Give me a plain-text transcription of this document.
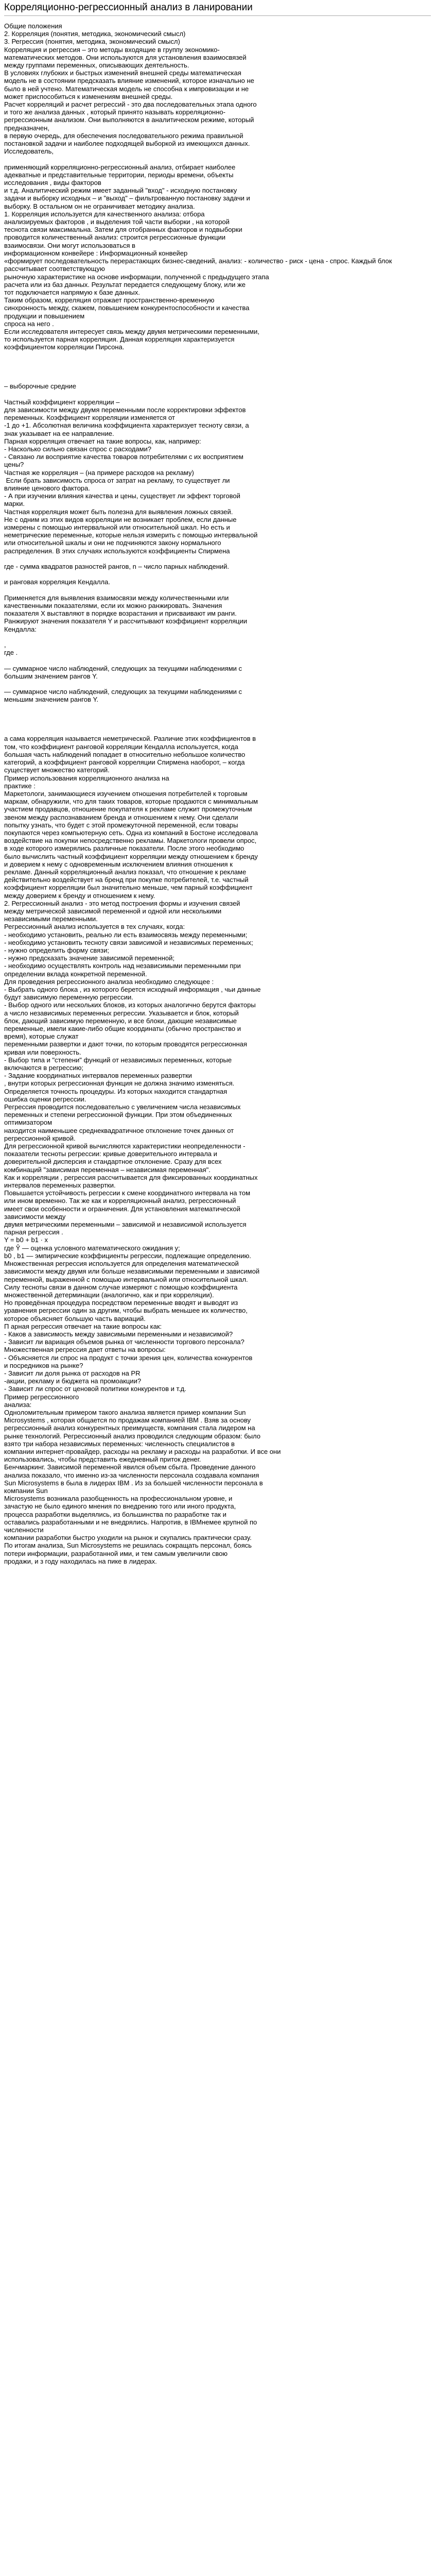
Корреляционно-регрессионный анализ в ланировании

Общие положения

2. Корреляция (понятия, методика, экономический смысл)

3. Регрессия (понятия, методика, экономический смысл)

Корреляция и регрессия – это методы входящие в группу экономико-

математических методов. Они используются для установления взаимосвязей

между группами переменных, описывающих деятельность.

В условиях глубоких и быстрых изменений внешней среды математическая

модель не в состоянии предсказать влияние изменений, которое изначально не

было в ней учтено. Математическая модель не способна к импровизации и не

может приспособиться к изменениям внешней среды.

Расчет корреляций и расчет регрессий - это два последовательных этапа одного

и того же анализа данных , который принято называть корреляционно-

регрессионным анализом. Они выполняются в аналитическом режиме, который

предназначен,

в первую очередь, для обеспечения последовательного режима правильной

постановкой задачи и наиболее подходящей выборкой из имеющихся данных.

Исследователь,

применяющий корреляционно-регрессионный анализ, отбирает наиболее

адекватные и представительные территории, периоды времени, объекты

исследования , виды факторов

и т.д. Аналитический режим имеет заданный "вход" - исходную постановку

задачи и выборку исходных – и "выход" – фильтрованную постановку задачи и

выборку. В остальном он не ограничивает методику анализа.

1. Корреляция используется для качественного анализа: отбора

анализируемых факторов , и выделения той части выборки , на которой

теснота связи максимальна. Затем для отобранных факторов и подвыборки

проводится количественный анализ: строится регрессионные функции

взаимосвязи. Они могут использоваться в

информационном конвейере : Информационный конвейер

«формирует последовательность перерастающих бизнес-сведений, анализ: - количество - риск - цена - спрос. Каждый блок расcчитывает соответствующую

рыночную характеристике на основе информации, полученной с предыдущего этапа

расчета или из баз данных. Результат передается следующему блоку, или же

тот подключается напрямую к базе данных.

Таким образом, корреляция отражает пространственно-временную

синхронность между, скажем, повышением конкурентоспособности и качества

продукции и повышением

спроса на него .

Если исследователя интересует связь между двумя метрическими переменными,

то используется парная корреляция. Данная корреляция характеризуется

коэффициентом корреляции Пирсона.

– выборочные средние

Частный коэффициент корреляции –

для зависимости между двумя переменными после корректировки эффектов

переменных. Коэффициент корреляции изменяется от

-1 до +1. Абсолютная величина коэффициента характеризует тесноту связи, а

знак указывает на ее направление.

Парная корреляция отвечает на такие вопросы, как, например:

- Насколько сильно связан спрос с расходами?

- Связано ли восприятие качества товаров потребителями с их восприятием

цены?

Частная же корреляция – (на примере расходов на рекламу)

Если брать зависимость спроса от затрат на рекламу, то существует ли

влияние ценового фактора.

- А при изучении влияния качества и цены, существует ли эффект торговой

марки.

Частная корреляция может быть полезна для выявления ложных связей.

Не с одним из этих видов корреляции не возникает проблем, если данные

измерены с помощью интервальной или относительной шкал. Но есть и

неметрические переменные, которые нельзя измерить с помощью интервальной

или относительной шкалы и они не подчиняются закону нормального

распределения. В этих случаях используются коэффициенты Спирмена

где - сумма квадратов разностей рангов, n – число парных наблюдений.

и ранговая корреляция Кендалла.

Применяется для выявления взаимосвязи между количественными или

качественными показателями, если их можно ранжировать. Значения

показателя X выставляют в порядке возрастания и присваивают им ранги.

Ранжируют значения показателя Y и рассчитывают коэффициент корреляции

Кендалла:

,

где .

— суммарное число наблюдений, следующих за текущими наблюдениями с

большим значением рангов Y.

— суммарное число наблюдений, следующих за текущими наблюдениями с

меньшим значением рангов Y.

а сама корреляция называется неметрической. Различие этих коэффициентов в

том, что коэффициент ранговой корреляции Кендалла используется, когда

большая часть наблюдений попадает в относительно небольшое количество

категорий, а коэффициент ранговой корреляции Спирмена наоборот, – когда

существует множество категорий.

Пример использования корреляционного анализа на

практике :

Маркетологи, занимающиеся изучением отношения потребителей к торговым

маркам, обнаружили, что для таких товаров, которые продаются с минимальным

участием продавцов, отношение покупателя к рекламе служит промежуточным

звеном между распознаванием бренда и отношением к нему. Они сделали

попытку узнать, что будет с этой промежуточной переменной, если товары

покупаются через компьютерную сеть. Одна из компаний в Бостоне исследовала

воздействие на покупки непосредственно рекламы. Маркетологи провели опрос,

в ходе которого измерялись различные показатели. После этого необходимо

было вычислить частный коэффициент корреляции между отношением к бренду

и доверием к нему с одновременным исключением влияния отношения к

рекламе. Данный корреляционный анализ показал, что отношение к рекламе

действительно воздействует на бренд при покупке потребителей, т.е. частный

коэффициент корреляции был значительно меньше, чем парный коэффициент

между доверием к бренду и отношением к нему.

2. Регрессионный анализ - это метод построения формы и изучения связей

между метрической зависимой переменной и одной или несколькими

независимыми переменными.

Регрессионный анализ используется в тех случаях, когда:

- необходимо установить, реально ли есть взаимосвязь между переменными;

- необходимо установить тесноту связи зависимой и независимых переменных;

- нужно определить форму связи;

- нужно предсказать значение зависимой переменной;

- необходимо осуществлять контроль над независимыми переменными при

определении вклада конкретной переменной.

Для проведения регрессионного анализа необходимо следующее :

- Выбрать одного блока , из которого берется исходный информация , чьи данные

будут зависимую переменную регрессии.

- Выбор одного или нескольких блоков, из которых аналогично берутся факторы

а число независимых переменных регрессии. Указывается и блок, который

блок, дающий зависимую переменную, и все блоки, дающие независимые

переменные, имели какие-либо общие координаты (обычно пространство и

время), которые служат

переменными развертки и дают точки, по которым проводятся регрессионная

кривая или поверхность.

- Выбор типа и "степени" функций от независимых переменных, которые

включаются в регрессию;

- Задание координатных интервалов переменных развертки

, внутри которых регрессионная функция не должна значимо изменяться.

Определяется точность процедуры. Из которых находится стандартная

ошибка оценки регрессии.

Регрессия проводится последовательно с увеличением числа независимых

переменных и степени регрессионной функции. При этом объединенных

оптимизатором

находится наименьшее среднеквадратичное отклонение точек данных от

регрессионной кривой.

Для регрессионной кривой вычисляются характеристики неопределенности -

показатели тесноты регрессии: кривые доверительного интервала и

доверительной дисперсия и стандартное отклонение. Сразу для всех

комбинаций "зависимая переменная – независимая переменная".

Как и корреляции , регрессия рассчитывается для фиксированных координатных

интервалов переменных развертки.

Повышается устойчивость регрессии к смене координатного интервала на том

или ином временно. Так же как и корреляционный анализ, регрессионный

имеет свои особенности и ограничения. Для установления математической

зависимости между

двумя метрическими переменными – зависимой и независимой используется

парная регрессия .

Y = b0 + b1 · x

где Ŷ — оценка условного математического ожидания y;

b0 , b1 — эмпирические коэффициенты регрессии, подлежащие определению.

Множественная регрессия используется для определения математической

зависимости между двумя или больше независимыми переменными и зависимой

переменной, выраженной с помощью интервальной или относительной шкал.

Силу тесноты связи в данном случае измеряют с помощью коэффициента

множественной детерминации (аналогично, как и при корреляции).

Но проведённая процедура посредством переменные вводят и выводят из

уравнения регрессии один за другим, чтобы выбрать меньшее их количество,

которое объясняет большую часть вариаций.

П арная регрессия отвечает на такие вопросы как:

- Каков а зависимость между зависимыми переменными и независимой?

- Зависит ли вариация объемов рынка от численности торгового персонала?

Множественная регрессия дает ответы на вопросы:

- Объясняется ли спрос на продукт с точки зрения цен, количества конкурентов

и посредников на рынке?

- Зависит ли доля рынка от расходов на РR

-акции, рекламу и бюджета на промоакции?

- Зависит ли спрос от ценовой политики конкурентов и т.д.

Пример регрессионного

анализа:

Одноломительным примером такого анализа является пример компании Sun

Microsystems , которая общается по продажам компанией IBM . Взяв за основу

регрессионный анализ конкурентных преимуществ, компания стала лидером на

рынке технологий. Регрессионный анализ проводился следующим образом: было

взято три набора независимых переменных: численность специалистов в

компании интернет-провайдер, расходы на рекламу и расходы на разработки. И все они

использовались, чтобы представить ежедневный приток денег.

Бенчмаркинг. Зависимой переменной явился объем сбыта. Проведение данного

анализа показало, что именно из-за численности персонала создавала компания

Sun Microsystems в была в лидерах IBM . Из за большей численности персонала в

компании Sun

Microsystems возникала разобщенность на профессиональном уровне, и

зачастую не было единого мнения по внедрению того или иного продукта,

процесса разработки выделялись, из большинства по разработке так и

оставались разработанными и не внедрялись. Напротив, в IBMнемее крупной по

численности

компании разработки быстро уходили на рынок и скупались практически сразу.

По итогам анализа, Sun Microsystems не решилась сокращать персонал, боясь

потери информации, разработанной ими, и тем самым увеличили свою

продажи, и з году находилась на пике в лидерах.
